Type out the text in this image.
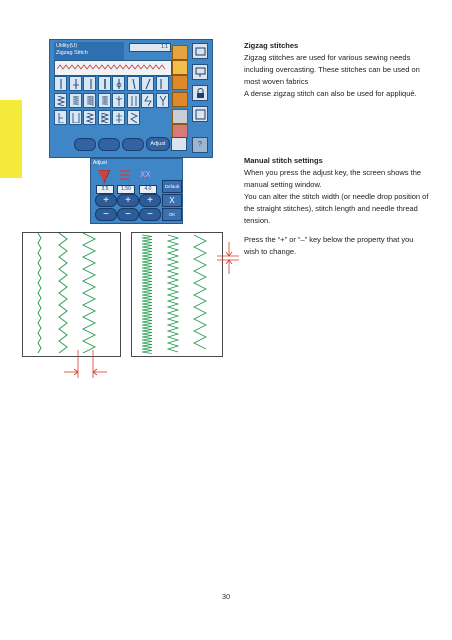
Utility(U)
Zigzag Stitch
1:1
Adjust	?
Adjust
XX
3.5	1.50	4.0
+	+	+
−	−	−
Default
X
OK

Zigzag stitches

Zigzag stitches are used for various sewing needs

including overcasting. These stitches can be used on

most woven fabrics

A dense zigzag stitch can also be used for appliqué.

Manual stitch settings

When you press the adjust key, the screen shows the

manual setting window.

You can alter the stitch width (or needle drop position of

the straight stitches), stitch length and needle thread

tension.

Press the “+” or “–” key below the property that you

wish to change.

30
